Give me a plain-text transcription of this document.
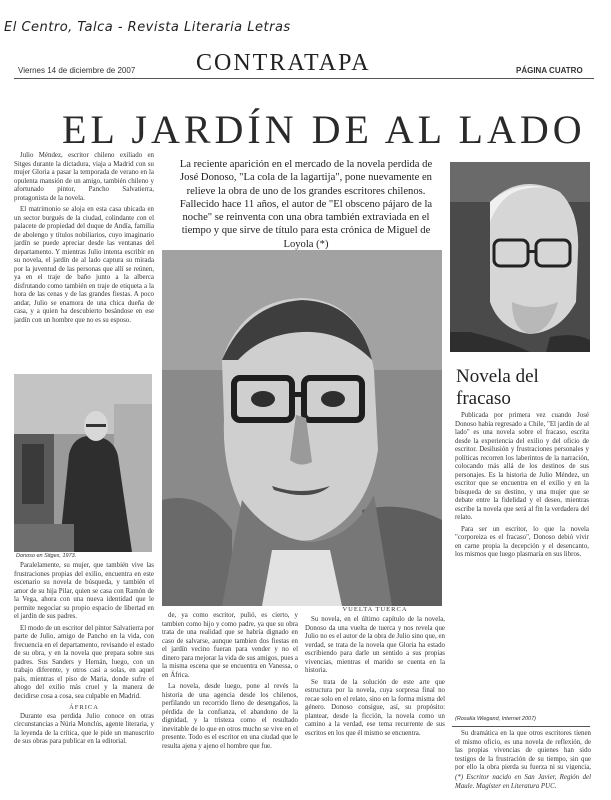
El Centro, Talca - Revista Literaria Letras
Viernes 14 de diciembre de 2007	CONTRATAPA	PÁGINA CUATRO
EL JARDÍN DE AL LADO
La reciente aparición en el mercado de la novela perdida de José Donoso, "La cola de la lagartija", pone nuevamente en relieve la obra de uno de los grandes escritores chilenos. Fallecido hace 11 años, el autor de "El obsceno pájaro de la noche" se reinventa con una obra también extraviada en el tiempo y que sirve de título para esta crónica de Miguel de Loyola (*)

Julio Méndez, escritor chileno exiliado en Sitges durante la dictadura, viaja a Madrid con su mujer Gloria a pasar la temporada de verano en la opulenta mansión de un amigo, también chileno y afortunado pintor, Pancho Salvatierra, protagonista de la novela.

El matrimonio se aloja en esta casa ubicada en un sector burgués de la ciudad, colindante con el palacete de propiedad del duque de Andía, familia de abolengo y títulos nobiliarios, cuyo imaginario jardín se puede apreciar desde las ventanas del departamento. Y mientras Julio intenta escribir en su novela, el jardín de al lado captura su mirada por la juventud de las personas que allí se reúnen, ya en el traje de baño junto a la alberca disfrutando como también en traje de etiqueta a la hora de las cenas y de las grandes fiestas. A poco andar, Julio se enamora de una chica dueña de casa, y a quien ha descubierto besándose en ese jardín con un hombre que no es su esposo.

Donoso en Sitges, 1973.

Paralelamente, su mujer, que también vive las frustraciones propias del exilio, encuentra en este escenario su novela de búsqueda, y también el amor de su hija Pilar, quien se casa con Ramón de la Vega, ahora con una nueva identidad que le permite negociar su propio espacio de libertad en el jardín de sus padres.

El modo de un escritor del pintor Salvatierra por parte de Julio, amigo de Pancho en la vida, con frecuencia en el departamento, revisando el estado de su obra, y en la novela que prepara sobre sus padres. Sus Sanders y Hernán, luego, con un trabajo diferente, y otros casi a solas, en aquel país, mientras el piso de Maria, donde sufre el ahogo del exilio más cruel y la manera de decidirse cosa a cosa, sea culpable en Madrid.

ÁFRICA

Durante esa perdida Julio conoce en otras circunstancias a Núria Monclús, agente literaria, y la leyenda de la crítica, que le pide un manuscrito de sus obras para publicar en la editorial.

de, ya como escritor, pulió, es cierto, y tambien como hijo y como padre, ya que su obra trata de una realidad que se habría dignado en caso de salvarse, aunque tambien dos fiestas en el jardín vecino fueran para vender y no el dinero para mejorar la vida de sus amigos, pues a la misma escena que se encuentra en Vanessa, o en África.

La novela, desde luego, pone al revés la historia de una agencia desde los chilenos, perfilando un recorrido lleno de desengaños, la pérdida de la confianza, el abandono de la dignidad, y la tristeza como el resultado inevitable de lo que en otros mucho se vive en el presente. Todo es el escritor en una ciudad que le resulta ajena y ajeno el hombre que fue.

VUELTA TUERCA

Su novela, en el último capítulo de la novela, Donoso da una vuelta de tuerca y nos revela que Julio no es el autor de la obra de Julio sino que, en verdad, se trata de la novela que Gloria ha estado escribiendo para darle un sentido a sus propias vivencias, mientras el marido se cuenta en la historia.

Se trata de la solución de este arte que estructura por la novela, cuya sorpresa final no recae solo en el relato, sino en la forma misma del género. Donoso consigue, así, su propósito: plantear, desde la ficción, la novela como un camino a la verdad, ese tema recurrente de sus escritos en los que él mismo se encuentra.

Novela del fracaso

Publicada por primera vez cuando José Donoso había regresado a Chile, "El jardín de al lado" es una novela sobre el fracaso, escrita desde la experiencia del exilio y del oficio de escritor. Desilusión y frustraciones personales y políticas recorren los laberintos de la narración, colocando más allá de los destinos de sus personajes. Es la historia de Julio Méndez, un escritor que se encuentra en el exilio y en la búsqueda de su destino, y una mujer que se debate entre la fidelidad y el deseo, mientras escribe la novela que será al fin la verdadera del relato.

Para ser un escritor, lo que la novela "corporeiza es el fracaso", Donoso debió vivir en carne propia la decepción y el desencanto, los mismos que luego plasmaría en sus libros.

(Rosalía Wiegand, Internet 2007)

Su dramática en la que otros escritores tienen el mismo oficio, es una novela de reflexión, de las propias vivencias de quienes han sido testigos de la frustración de su tiempo, sin que por ello la obra pierda su fuerza ni su vigencia,

(*) Escritor nacido en San Javier, Región del Maule. Magíster en Literatura PUC.
